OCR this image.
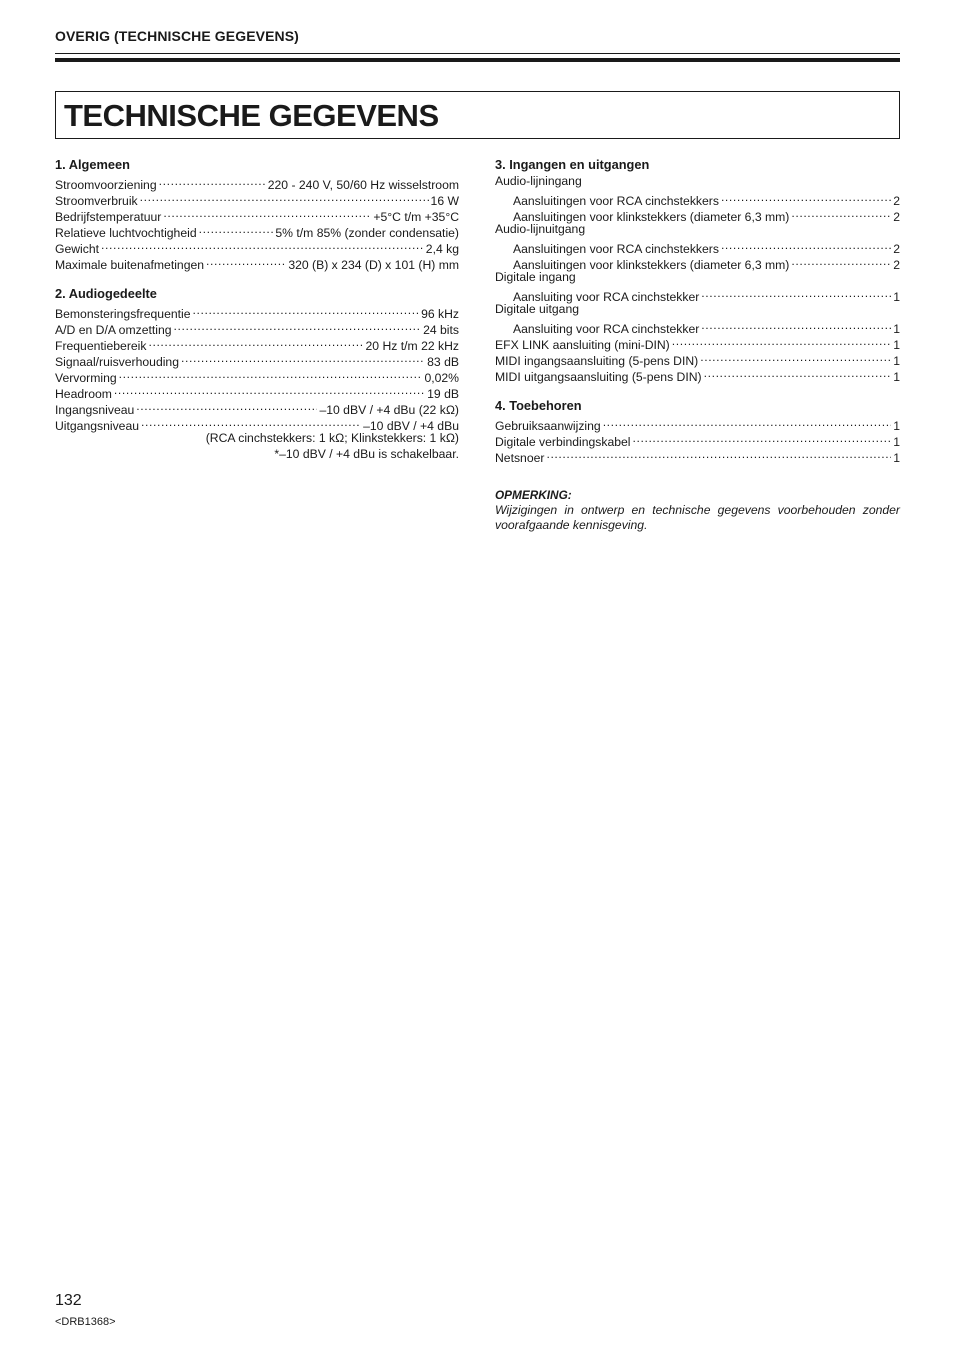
OVERIG (TECHNISCHE GEGEVENS)
TECHNISCHE GEGEVENS
1. Algemeen
Stroomvoorziening .....	220 - 240 V, 50/60 Hz wisselstroom
Stroomverbruik .....	16 W
Bedrijfstemperatuur .....	+5°C t/m +35°C
Relatieve luchtvochtigheid .....	5% t/m 85% (zonder condensatie)
Gewicht .....	2,4 kg
Maximale buitenafmetingen .....	320 (B) x 234 (D) x 101 (H) mm
2. Audiogedeelte
Bemonsteringsfrequentie .....	96 kHz
A/D en D/A omzetting .....	24 bits
Frequentiebereik .....	20 Hz t/m 22 kHz
Signaal/ruisverhouding .....	83 dB
Vervorming .....	0,02%
Headroom .....	19 dB
Ingangsniveau .....	–10 dBV / +4 dBu (22 kΩ)
Uitgangsniveau .....	–10 dBV / +4 dBu
(RCA cinchstekkers: 1 kΩ; Klinkstekkers: 1 kΩ)
*–10 dBV / +4 dBu is schakelbaar.
3. Ingangen en uitgangen
Audio-lijningang
Aansluitingen voor RCA cinchstekkers .....	2
Aansluitingen voor klinkstekkers (diameter 6,3 mm) .....	2
Audio-lijnuitgang
Aansluitingen voor RCA cinchstekkers .....	2
Aansluitingen voor klinkstekkers (diameter 6,3 mm) .....	2
Digitale ingang
Aansluiting voor RCA cinchstekker .....	1
Digitale uitgang
Aansluiting voor RCA cinchstekker .....	1
EFX LINK aansluiting (mini-DIN) .....	1
MIDI ingangsaansluiting (5-pens DIN) .....	1
MIDI uitgangsaansluiting (5-pens DIN) .....	1
4. Toebehoren
Gebruiksaanwijzing .....	1
Digitale verbindingskabel .....	1
Netsnoer .....	1
OPMERKING:
Wijzigingen in ontwerp en technische gegevens voorbehouden zonder voorafgaande kennisgeving.
132
<DRB1368>
